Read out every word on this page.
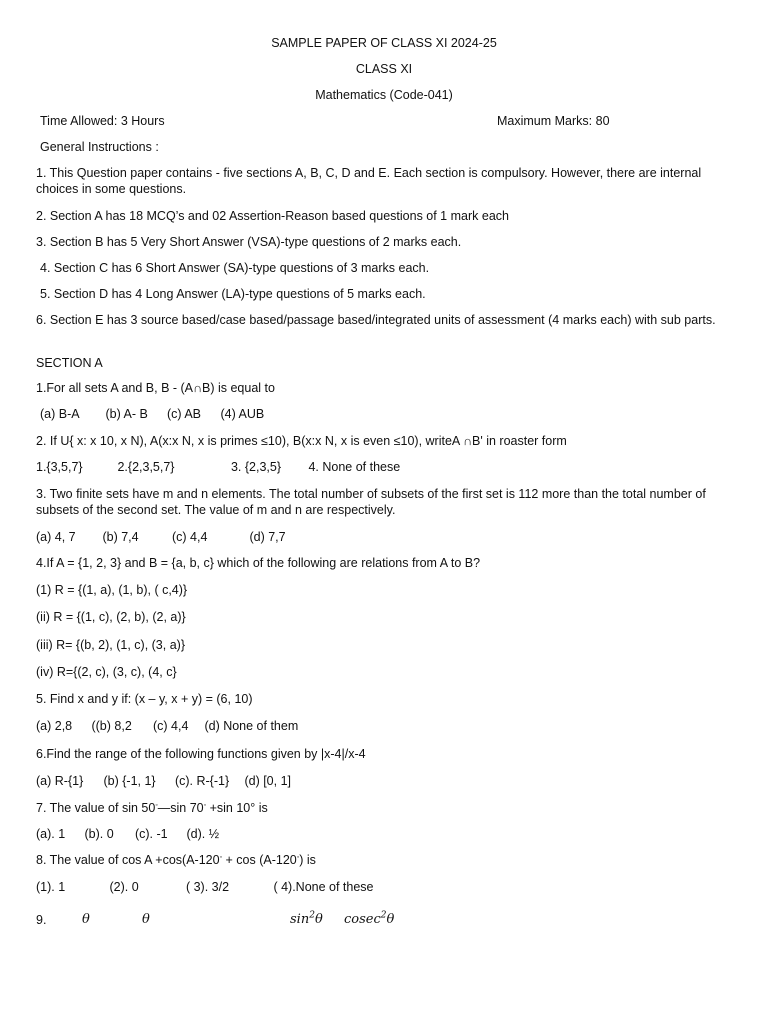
SAMPLE PAPER OF CLASS XI 2024-25
CLASS XI
Mathematics (Code-041)
Time Allowed: 3 Hours	Maximum Marks: 80
General Instructions :
1. This Question paper contains - five sections A, B, C, D and E. Each section is compulsory. However, there are internal choices in some questions.
2. Section A has 18 MCQ’s and 02 Assertion-Reason based questions of 1 mark each
3. Section B has 5 Very Short Answer (VSA)-type questions of 2 marks each.
4. Section C has 6 Short Answer (SA)-type questions of 3 marks each.
5. Section D has 4 Long Answer (LA)-type questions of 5 marks each.
6. Section E has 3 source based/case based/passage based/integrated units of assessment (4 marks each) with sub parts.
SECTION A
1.For all sets A and B, B - (A∩B) is equal to
(a) B-A (b) A- B (c) AB (4) AUB
2. If U{ x: x 10, x N), A(x:x N, x is primes ≤10), B(x:x N, x is even ≤10), writeA ∩B' in roaster form
1.{3,5,7}	2.{2,3,5,7}	3. {2,3,5} 4. None of these
3. Two finite sets have m and n elements. The total number of subsets of the first set is 112 more than the total number of subsets of the second set. The value of m and n are respectively.
(a) 4, 7 (b) 7,4	(c) 4,4	(d) 7,7
4.If A = {1, 2, 3} and B = {a, b, c} which of the following are relations from A to B?
(1) R = {(1, a), (1, b), ( c,4)}
(ii) R = {(1, c), (2, b), (2, a)}
(iii) R= {(b, 2), (1, c), (3, a)}
(iv) R={(2, c), (3, c), (4, c}
5. Find x and y if: (x – y, x + y) = (6, 10)
(a) 2,8 ((b) 8,2 (c) 4,4 (d) None of them
6.Find the range of the following functions given by |x-4|/x-4
(a) R-{1} (b) {-1, 1} (c). R-{-1} (d) [0, 1]
7. The value of sin 50◦—sin 70◦ +sin 10° is
(a). 1 (b). 0 (c). -1 (d). ½
8. The value of cos A +cos(A-120◦ + cos (A-120◦) is
(1). 1	(2). 0	( 3). 3/2	( 4).None of these
9.	θ	θ	$\sin^2\theta$ cosec$^2$θ
